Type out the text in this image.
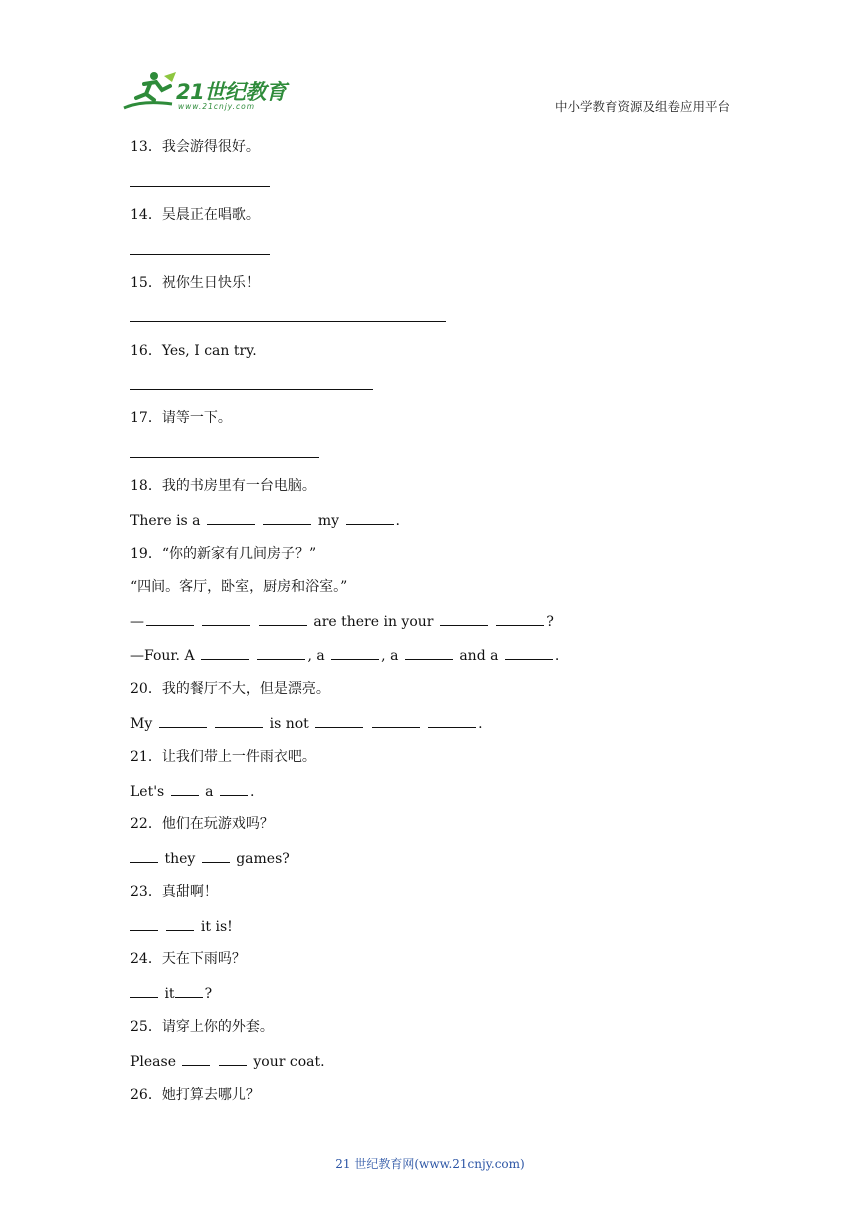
21世纪教育
www.21cnjy.com	中小学教育资源及组卷应用平台
13．我会游得很好。
14．吴晨正在唱歌。
15．祝你生日快乐！
16．Yes, I can try.
17．请等一下。
18．我的书房里有一台电脑。
There is a	my	.
19．“你的新家有几间房子？”
“四间。客厅，卧室，厨房和浴室。”
—	are there in your	?
—Four. A	, a	, a	and a	.
20．我的餐厅不大，但是漂亮。
My	is not	.
21．让我们带上一件雨衣吧。
Let's	a	.
22．他们在玩游戏吗？
they	games?
23．真甜啊！
it is!
24．天在下雨吗？
it ?
25．请穿上你的外套。
Please	your coat.
26．她打算去哪儿？
21 世纪教育网(www.21cnjy.com)
